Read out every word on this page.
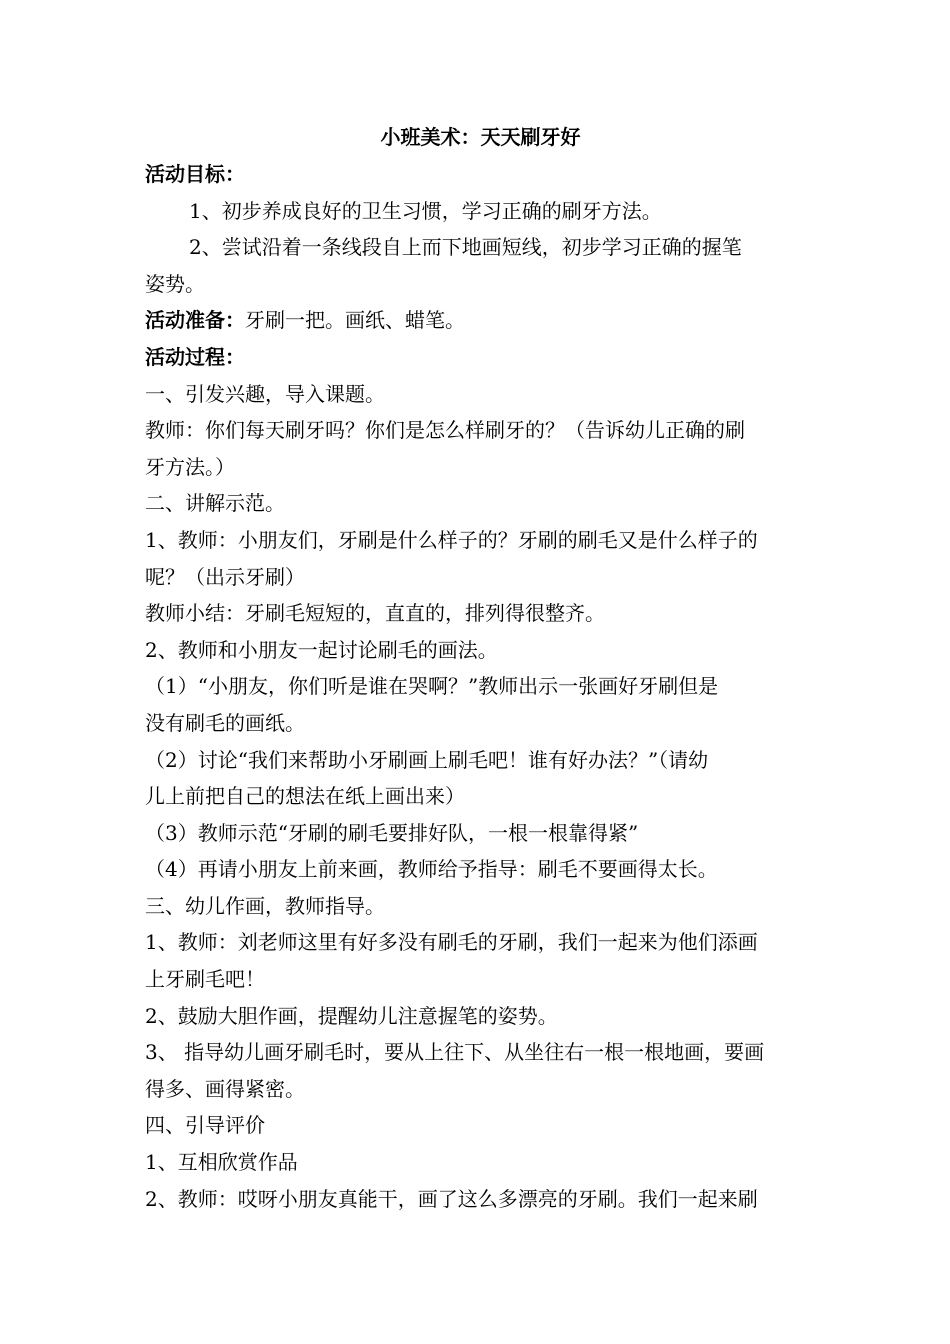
小班美术：天天刷牙好

活动目标：

1、初步养成良好的卫生习惯，学习正确的刷牙方法。

2、尝试沿着一条线段自上而下地画短线，初步学习正确的握笔

姿势。

活动准备：牙刷一把。画纸、蜡笔。

活动过程：

一、引发兴趣，导入课题。

教师：你们每天刷牙吗？你们是怎么样刷牙的？（告诉幼儿正确的刷

牙方法。）

二、讲解示范。

1、教师：小朋友们，牙刷是什么样子的？牙刷的刷毛又是什么样子的

呢？（出示牙刷）

教师小结：牙刷毛短短的，直直的，排列得很整齐。

2、教师和小朋友一起讨论刷毛的画法。

（1）“小朋友，你们听是谁在哭啊？”教师出示一张画好牙刷但是

没有刷毛的画纸。

（2）讨论“我们来帮助小牙刷画上刷毛吧！谁有好办法？”（请幼

儿上前把自己的想法在纸上画出来）

（3）教师示范“牙刷的刷毛要排好队，一根一根靠得紧”

（4）再请小朋友上前来画，教师给予指导：刷毛不要画得太长。

三、幼儿作画，教师指导。

1、教师：刘老师这里有好多没有刷毛的牙刷，我们一起来为他们添画

上牙刷毛吧！

2、鼓励大胆作画，提醒幼儿注意握笔的姿势。

3、 指导幼儿画牙刷毛时，要从上往下、从坐往右一根一根地画，要画

得多、画得紧密。

四、引导评价

1、互相欣赏作品

2、教师：哎呀小朋友真能干，画了这么多漂亮的牙刷。我们一起来刷
